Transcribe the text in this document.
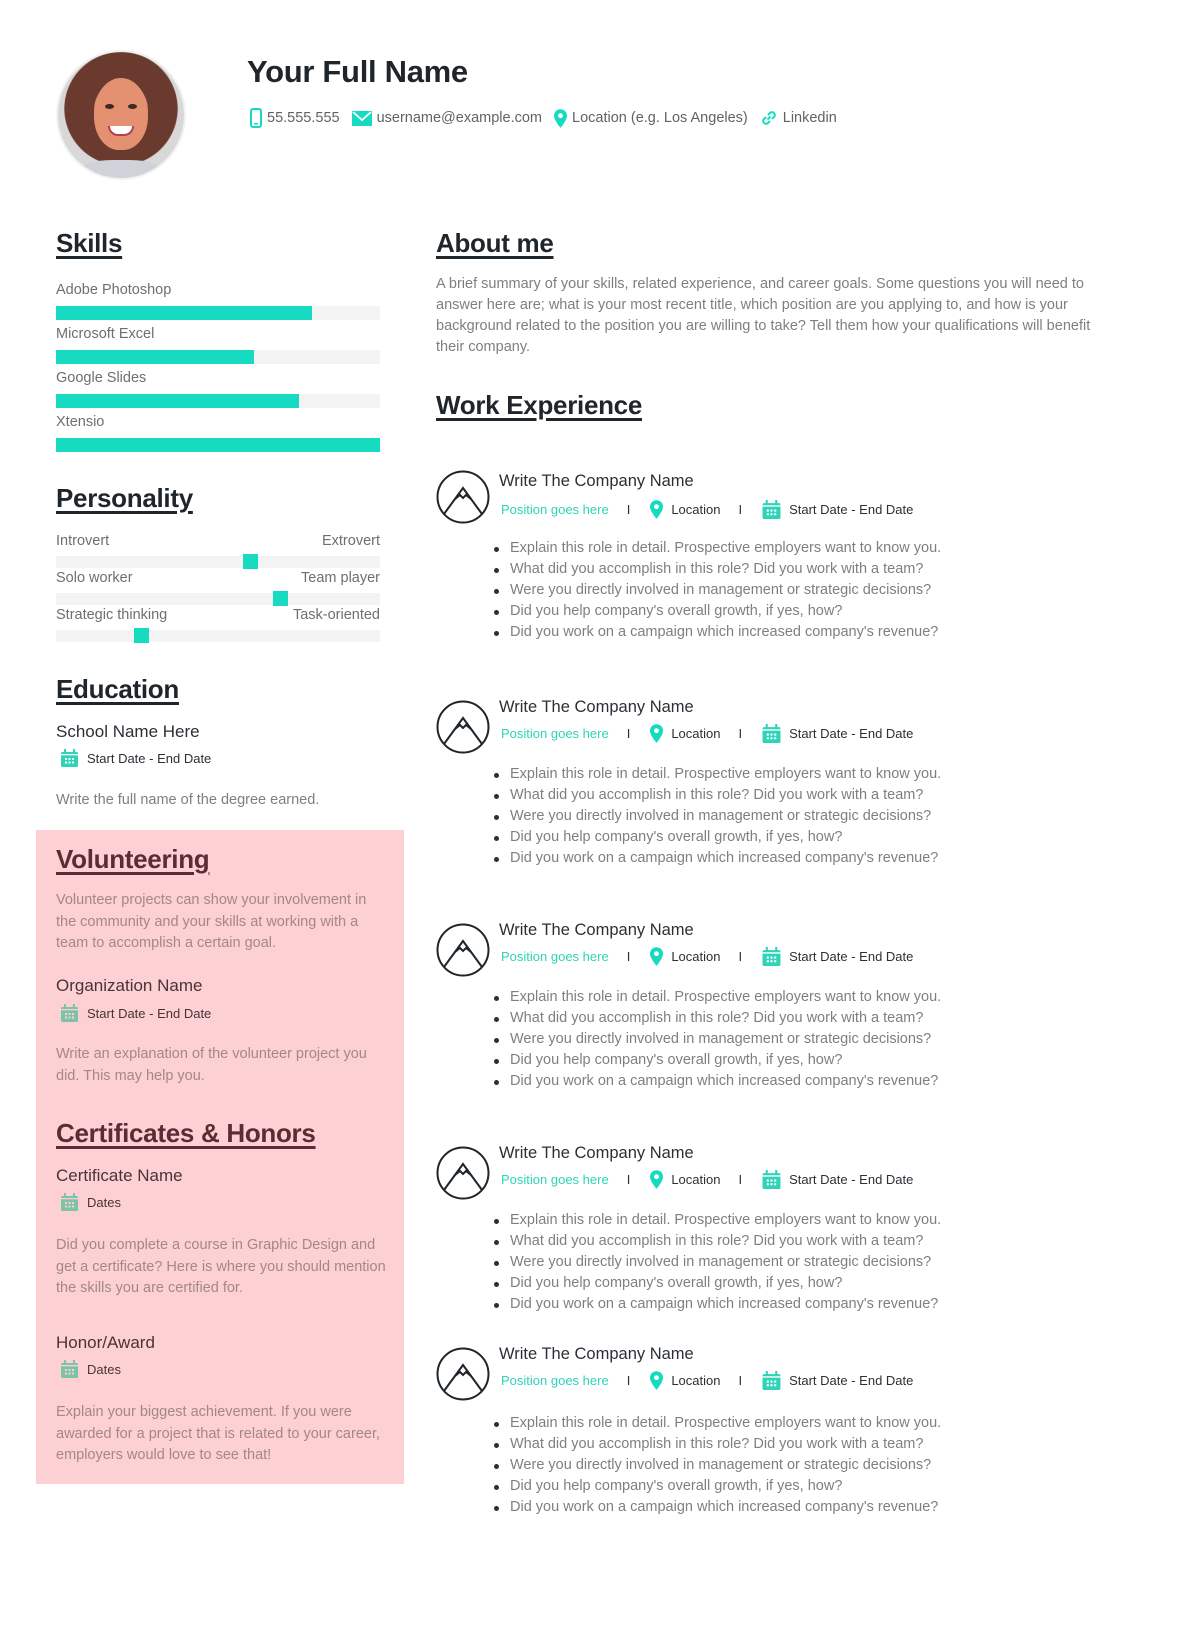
Your Full Name
55.555.555	username@example.com Location (e.g. Los Angeles) Linkedin
Volunteering
Volunteer projects can show your involvement in the community and your skills at working with a team to accomplish a certain goal.
Organization Name
Start Date - End Date
Write an explanation of the volunteer project you did. This may help you.
Certificates & Honors
Certificate Name
Dates
Did you complete a course in Graphic Design and get a certificate? Here is where you should mention the skills you are certified for.
Honor/Award
Dates
Explain your biggest achievement. If you were awarded for a project that is related to your career, employers would love to see that!
Skills
Adobe Photoshop
Microsoft Excel
Google Slides
Xtensio
Personality
Introvert	Extrovert
Solo worker	Team player
Strategic thinking	Task-oriented
Education
School Name Here
Start Date - End Date
Write the full name of the degree earned.
About me
A brief summary of your skills, related experience, and career goals. Some questions you will need to answer here are; what is your most recent title, which position are you applying to, and how is your background related to the position you are willing to take? Tell them how your qualifications will benefit their company.
Work Experience
Write The Company Name
Position goes here I	Location I	Start Date - End Date
Explain this role in detail. Prospective employers want to know you.
What did you accomplish in this role? Did you work with a team?
Were you directly involved in management or strategic decisions?
Did you help company's overall growth, if yes, how?
Did you work on a campaign which increased company's revenue?
Write The Company Name
Position goes here I	Location I	Start Date - End Date
Explain this role in detail. Prospective employers want to know you.
What did you accomplish in this role? Did you work with a team?
Were you directly involved in management or strategic decisions?
Did you help company's overall growth, if yes, how?
Did you work on a campaign which increased company's revenue?
Write The Company Name
Position goes here I	Location I	Start Date - End Date
Explain this role in detail. Prospective employers want to know you.
What did you accomplish in this role? Did you work with a team?
Were you directly involved in management or strategic decisions?
Did you help company's overall growth, if yes, how?
Did you work on a campaign which increased company's revenue?
Write The Company Name
Position goes here I	Location I	Start Date - End Date
Explain this role in detail. Prospective employers want to know you.
What did you accomplish in this role? Did you work with a team?
Were you directly involved in management or strategic decisions?
Did you help company's overall growth, if yes, how?
Did you work on a campaign which increased company's revenue?
Write The Company Name
Position goes here I	Location I	Start Date - End Date
Explain this role in detail. Prospective employers want to know you.
What did you accomplish in this role? Did you work with a team?
Were you directly involved in management or strategic decisions?
Did you help company's overall growth, if yes, how?
Did you work on a campaign which increased company's revenue?
